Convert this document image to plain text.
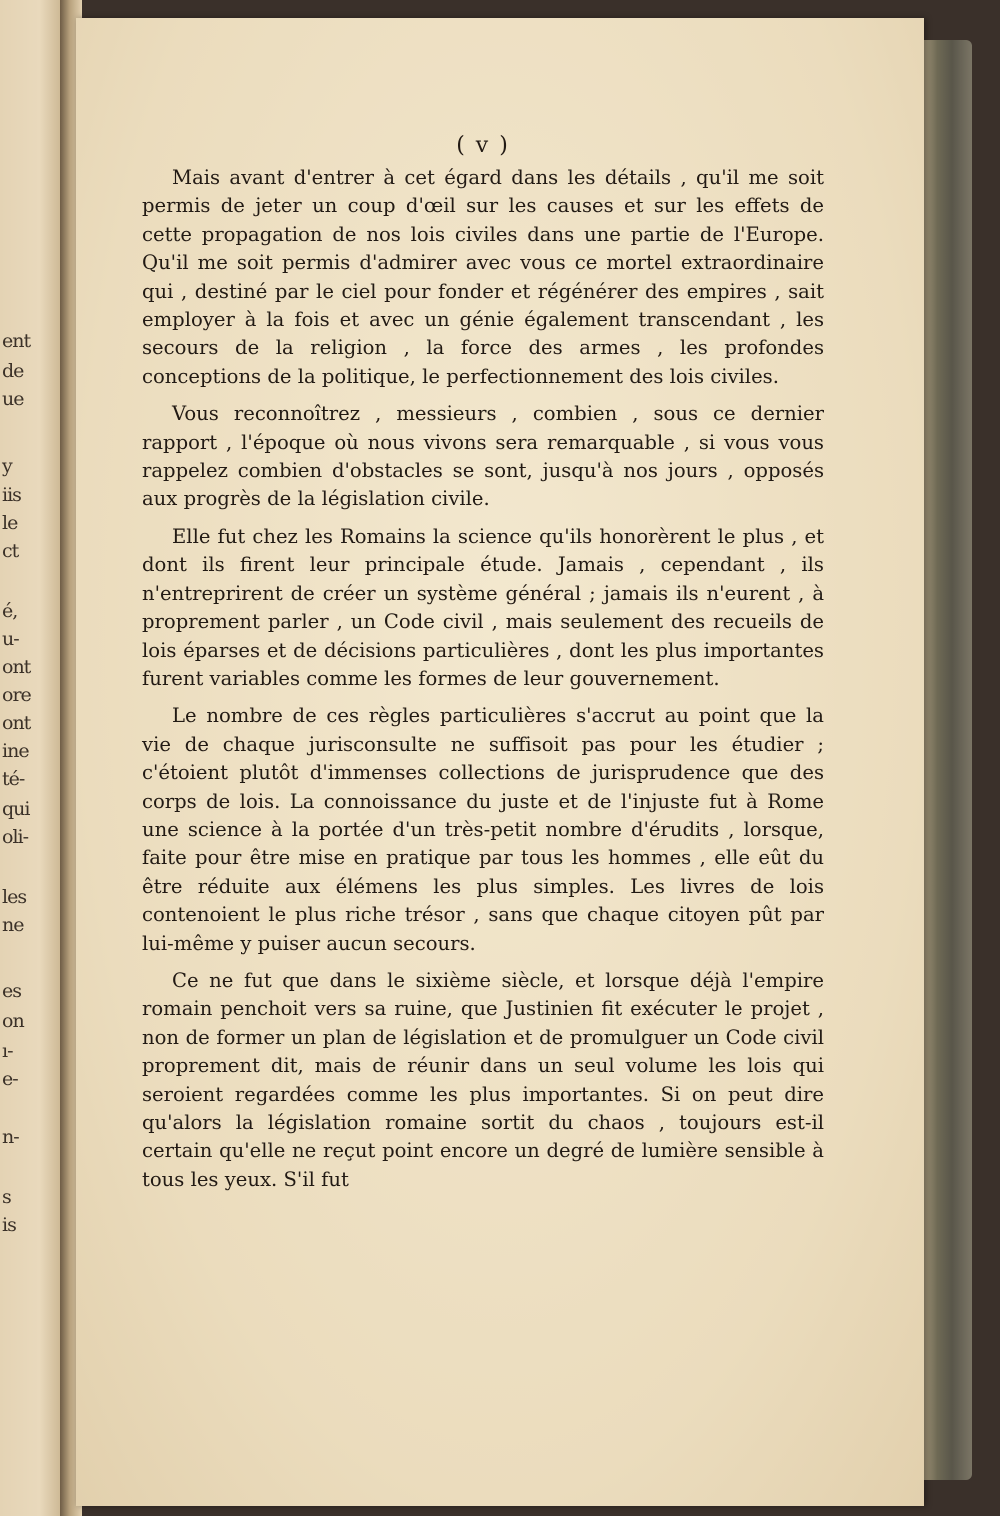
ent
de
ue
y
iis
le
ct
é,
u-
ont
ore
ont
ine
té-
qui
oli-
les
ne
es
on
ı-
e-
n-
s
is
( v )

Mais avant d'entrer à cet égard dans les détails , qu'il me soit permis de jeter un coup d'œil sur les causes et sur les effets de cette propagation de nos lois civiles dans une partie de l'Europe. Qu'il me soit permis d'admirer avec vous ce mortel extraordinaire qui , destiné par le ciel pour fonder et régénérer des empires , sait employer à la fois et avec un génie également transcendant , les secours de la religion , la force des armes , les profondes conceptions de la politique, le perfectionnement des lois civiles.

Vous reconnoîtrez , messieurs , combien , sous ce dernier rapport , l'époque où nous vivons sera remarquable , si vous vous rappelez combien d'obstacles se sont, jusqu'à nos jours , opposés aux progrès de la législation civile.

Elle fut chez les Romains la science qu'ils honorèrent le plus , et dont ils firent leur principale étude. Jamais , cependant , ils n'entreprirent de créer un système général ; jamais ils n'eurent , à proprement parler , un Code civil , mais seulement des recueils de lois éparses et de décisions particulières , dont les plus importantes furent variables comme les formes de leur gouvernement.

Le nombre de ces règles particulières s'accrut au point que la vie de chaque jurisconsulte ne suffisoit pas pour les étudier ; c'étoient plutôt d'immenses collections de jurisprudence que des corps de lois. La connoissance du juste et de l'injuste fut à Rome une science à la portée d'un très-petit nombre d'érudits , lorsque, faite pour être mise en pratique par tous les hommes , elle eût du être réduite aux élémens les plus simples. Les livres de lois contenoient le plus riche trésor , sans que chaque citoyen pût par lui-même y puiser aucun secours.

Ce ne fut que dans le sixième siècle, et lorsque déjà l'empire romain penchoit vers sa ruine, que Justinien fit exécuter le projet , non de former un plan de législation et de promulguer un Code civil proprement dit, mais de réunir dans un seul volume les lois qui seroient regardées comme les plus importantes. Si on peut dire qu'alors la législation romaine sortit du chaos , toujours est-il certain qu'elle ne reçut point encore un degré de lumière sensible à tous les yeux. S'il fut
